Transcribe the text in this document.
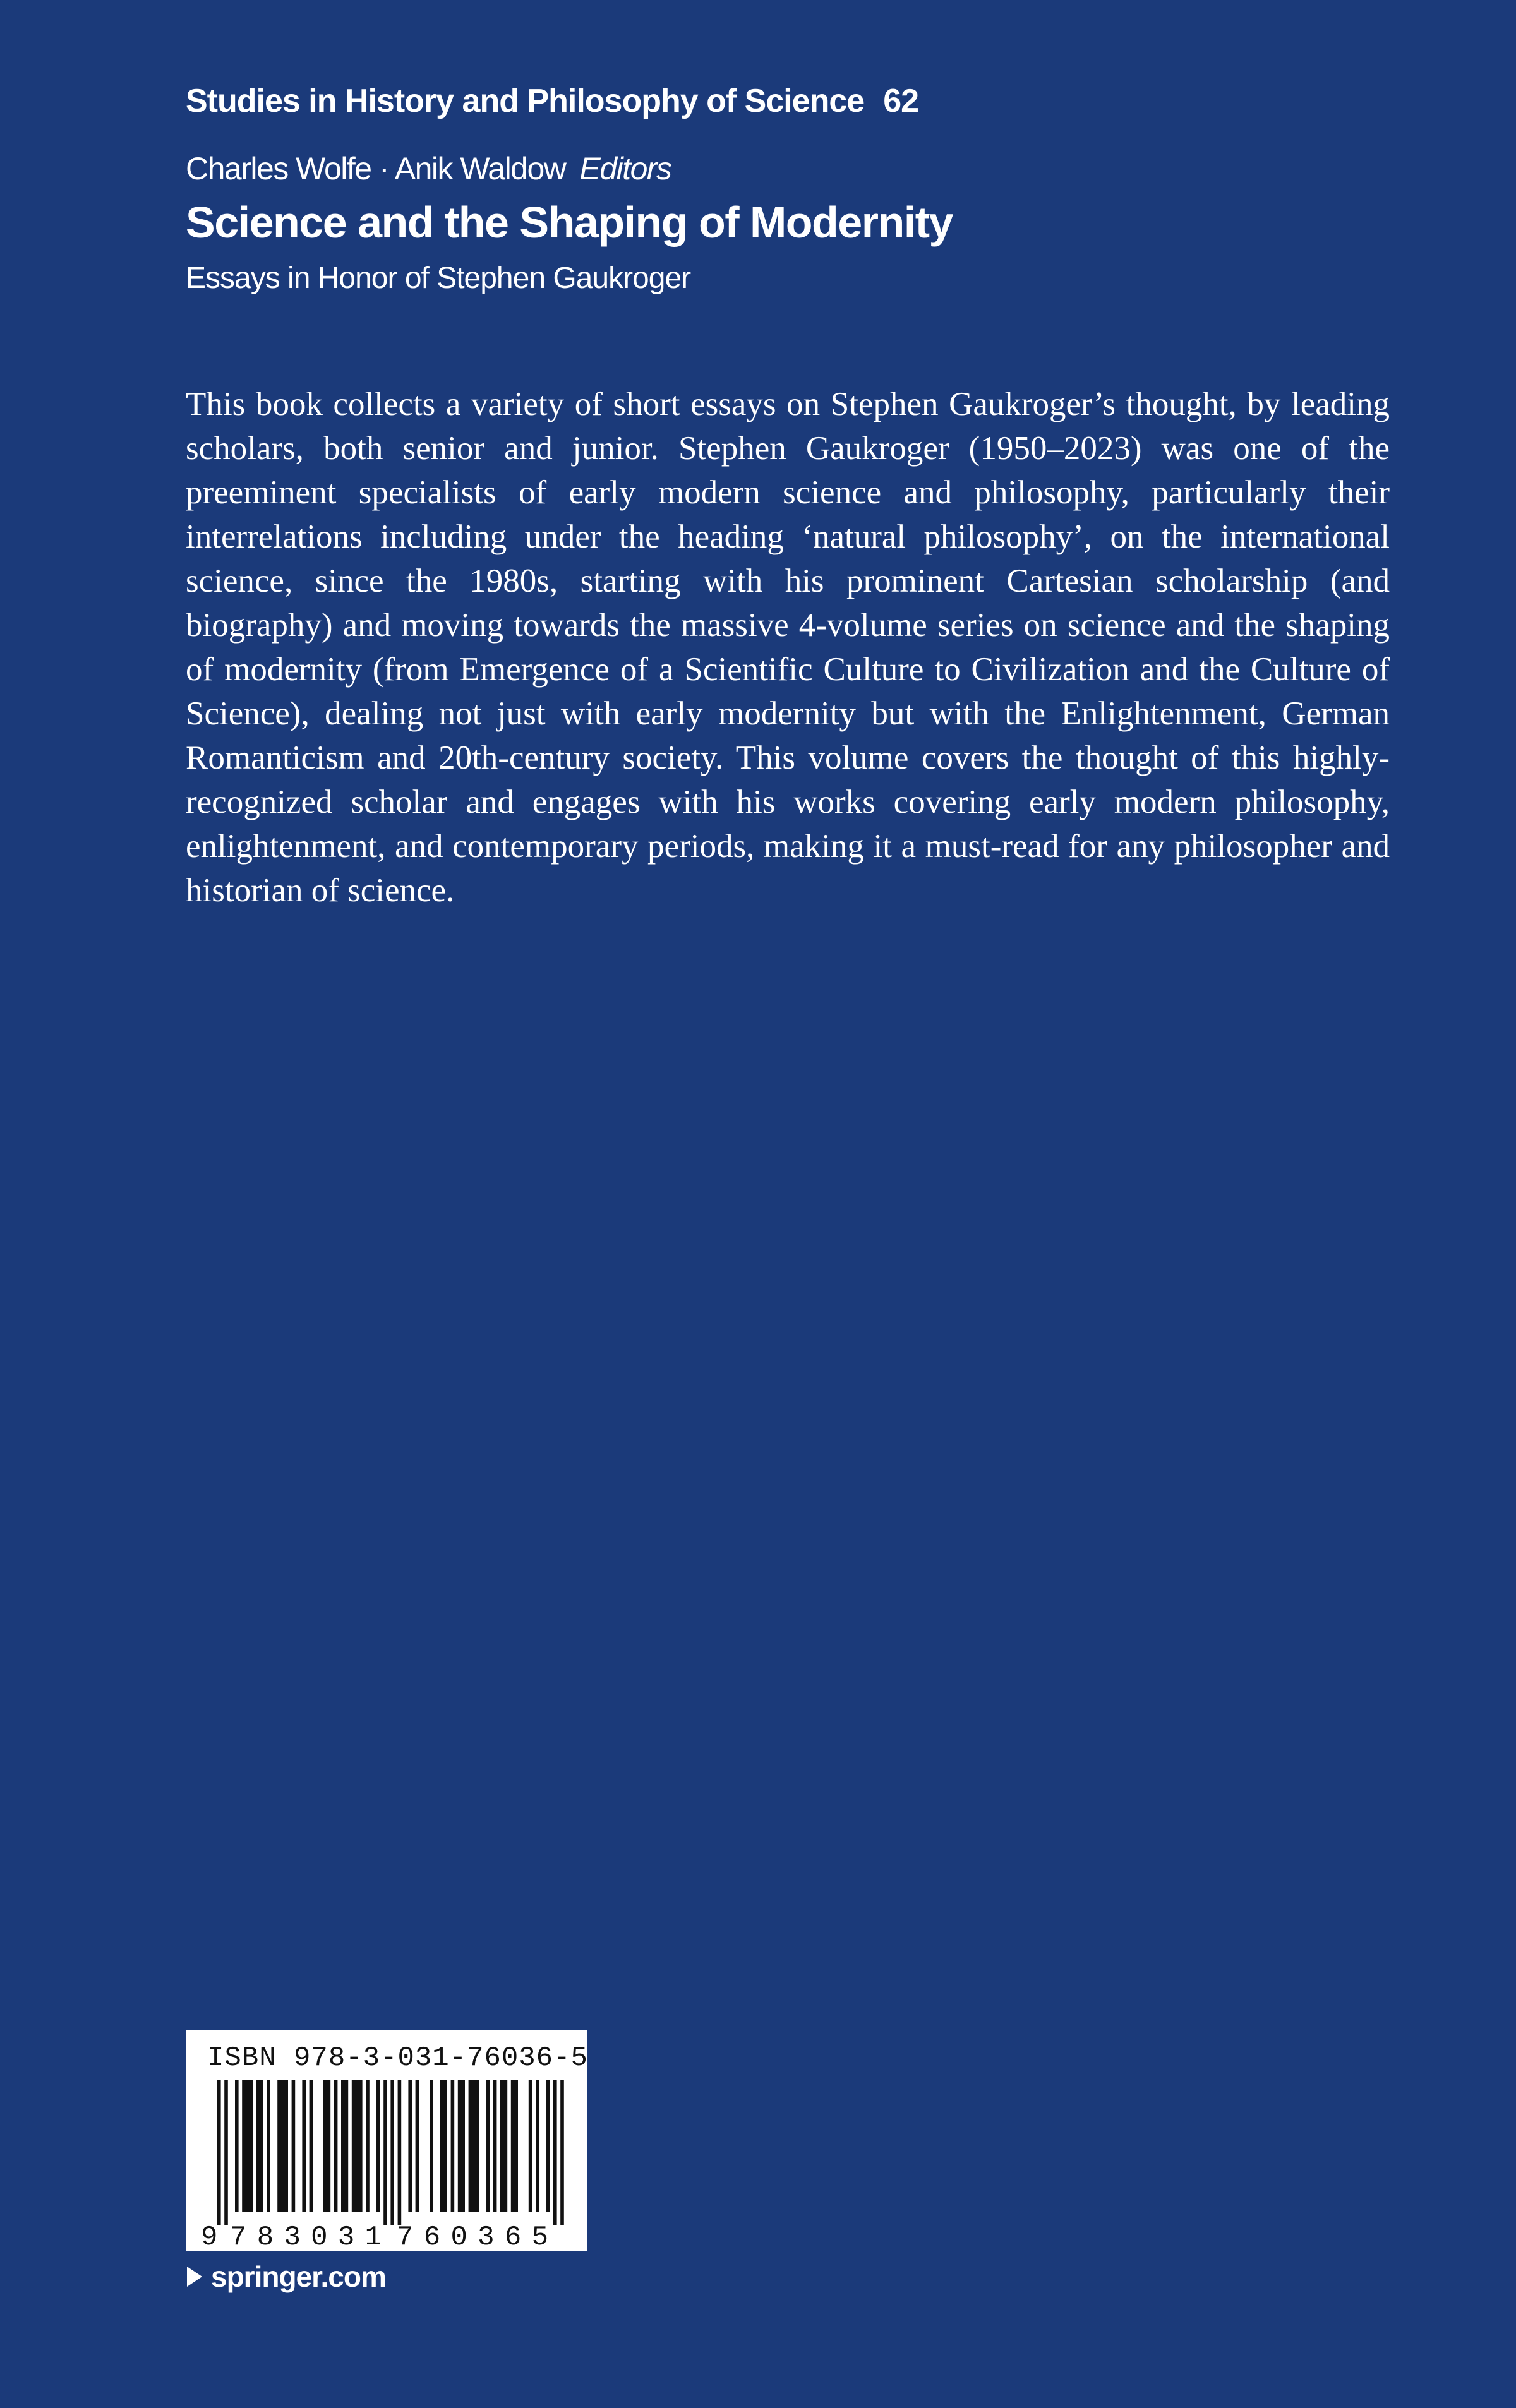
Studies in History and Philosophy of Science 62
Charles Wolfe · Anik Waldow Editors
Science and the Shaping of Modernity
Essays in Honor of Stephen Gaukroger

This book collects a variety of short essays on Stephen Gaukroger’s thought, by leading scholars, both senior and junior. Stephen Gaukroger (1950–2023) was one of the preeminent specialists of early modern science and philosophy, particularly their interrelations including under the heading ‘natural philosophy’, on the international science, since the 1980s, starting with his prominent Cartesian scholarship (and biography) and moving towards the massive 4-volume series on science and the shaping of modernity (from Emergence of a Scientific Culture to Civilization and the Culture of Science), dealing not just with early modernity but with the Enlightenment, German Romanticism and 20th-century society. This volume covers the thought of this highly-recognized scholar and engages with his works covering early modern philosophy, enlightenment, and contemporary periods, making it a must-read for any philosopher and historian of science.

ISBN 978-3-031-76036-5
9 783031 760365
springer.com
